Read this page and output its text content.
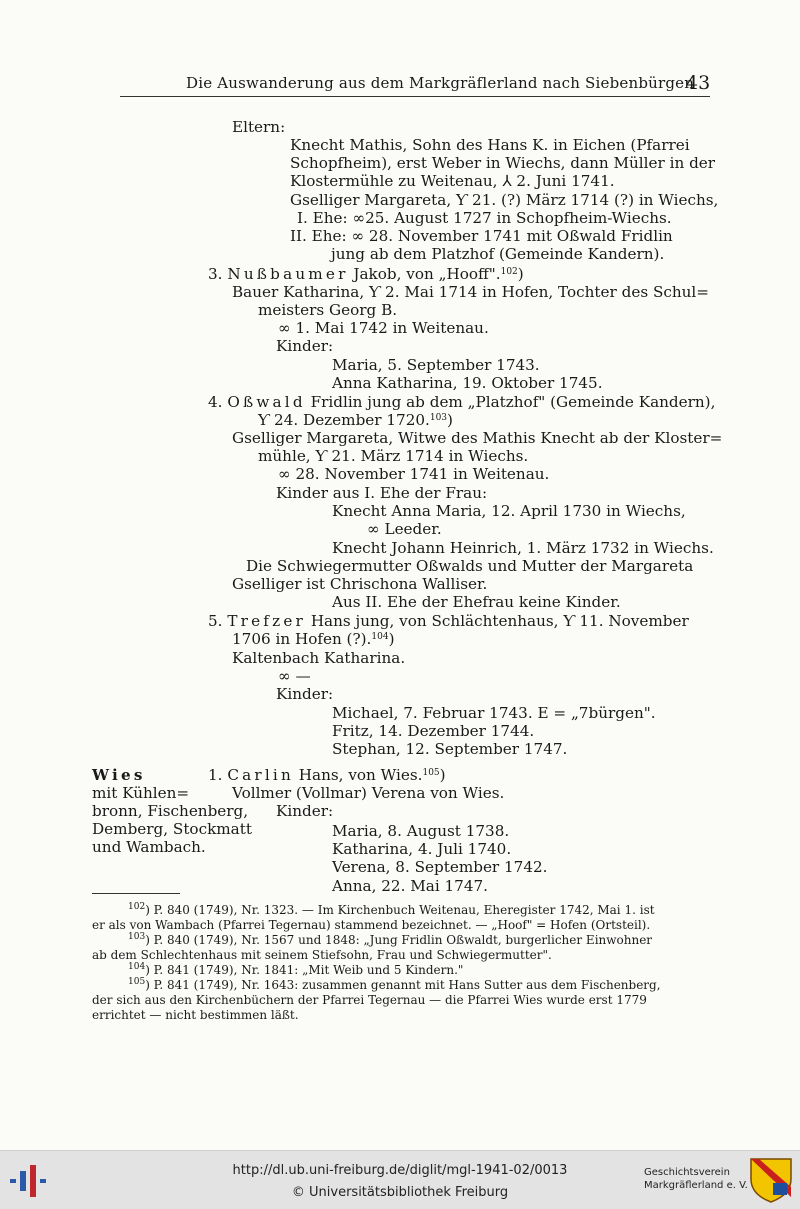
Die Auswanderung aus dem Markgräflerland nach Siebenbürgen
43
Eltern:
Knecht Mathis, Sohn des Hans K. in Eichen (Pfarrei
Schopfheim), erst Weber in Wiechs, dann Müller in der
Klostermühle zu Weitenau, ⅄ 2. Juni 1741.
Gselliger Margareta, Ƴ 21. (?) März 1714 (?) in Wiechs,
I. Ehe: ∞25. August 1727 in Schopfheim-Wiechs.
II. Ehe: ∞ 28. November 1741 mit Oßwald Fridlin
jung ab dem Platzhof (Gemeinde Kandern).
3. Nußbaumer Jakob, von „Hooff".$^{102}$)
Bauer Katharina, Ƴ 2. Mai 1714 in Hofen, Tochter des Schul=
meisters Georg B.
∞ 1. Mai 1742 in Weitenau.
Kinder:
Maria, 5. September 1743.
Anna Katharina, 19. Oktober 1745.
4. Oßwald Fridlin jung ab dem „Platzhof" (Gemeinde Kandern),
Ƴ 24. Dezember 1720.$^{103}$)
Gselliger Margareta, Witwe des Mathis Knecht ab der Kloster=
mühle, Ƴ 21. März 1714 in Wiechs.
∞ 28. November 1741 in Weitenau.
Kinder aus I. Ehe der Frau:
Knecht Anna Maria, 12. April 1730 in Wiechs,
∞ Leeder.
Knecht Johann Heinrich, 1. März 1732 in Wiechs.
Die Schwiegermutter Oßwalds und Mutter der Margareta
Gselliger ist Chrischona Walliser.
Aus II. Ehe der Ehefrau keine Kinder.
5. Trefzer Hans jung, von Schlächtenhaus, Ƴ 11. November
1706 in Hofen (?).$^{104}$)
Kaltenbach Katharina.
∞ —
Kinder:
Michael, 7. Februar 1743. E = „7bürgen".
Fritz, 14. Dezember 1744.
Stephan, 12. September 1747.
Wies
mit Kühlen=
bronn, Fischenberg,
Demberg, Stockmatt
und Wambach.
1. Carlin Hans, von Wies.$^{105}$)
Vollmer (Vollmar) Verena von Wies.
Kinder:
Maria, 8. August 1738.
Katharina, 4. Juli 1740.
Verena, 8. September 1742.
Anna, 22. Mai 1747.
$^{102}$) P. 840 (1749), Nr. 1323. — Im Kirchenbuch Weitenau, Eheregister 1742, Mai 1. ist
er als von Wambach (Pfarrei Tegernau) stammend bezeichnet. — „Hoof" = Hofen (Ortsteil).
$^{103}$) P. 840 (1749), Nr. 1567 und 1848: „Jung Fridlin Oßwaldt, burgerlicher Einwohner
ab dem Schlechtenhaus mit seinem Stiefsohn, Frau und Schwiegermutter".
$^{104}$) P. 841 (1749), Nr. 1841: „Mit Weib und 5 Kindern."
$^{105}$) P. 841 (1749), Nr. 1643: zusammen genannt mit Hans Sutter aus dem Fischenberg,
der sich aus den Kirchenbüchern der Pfarrei Tegernau — die Pfarrei Wies wurde erst 1779
errichtet — nicht bestimmen läßt.
http://dl.ub.uni-freiburg.de/diglit/mgl-1941-02/0013
© Universitätsbibliothek Freiburg
Geschichtsverein
Markgräflerland e. V.
